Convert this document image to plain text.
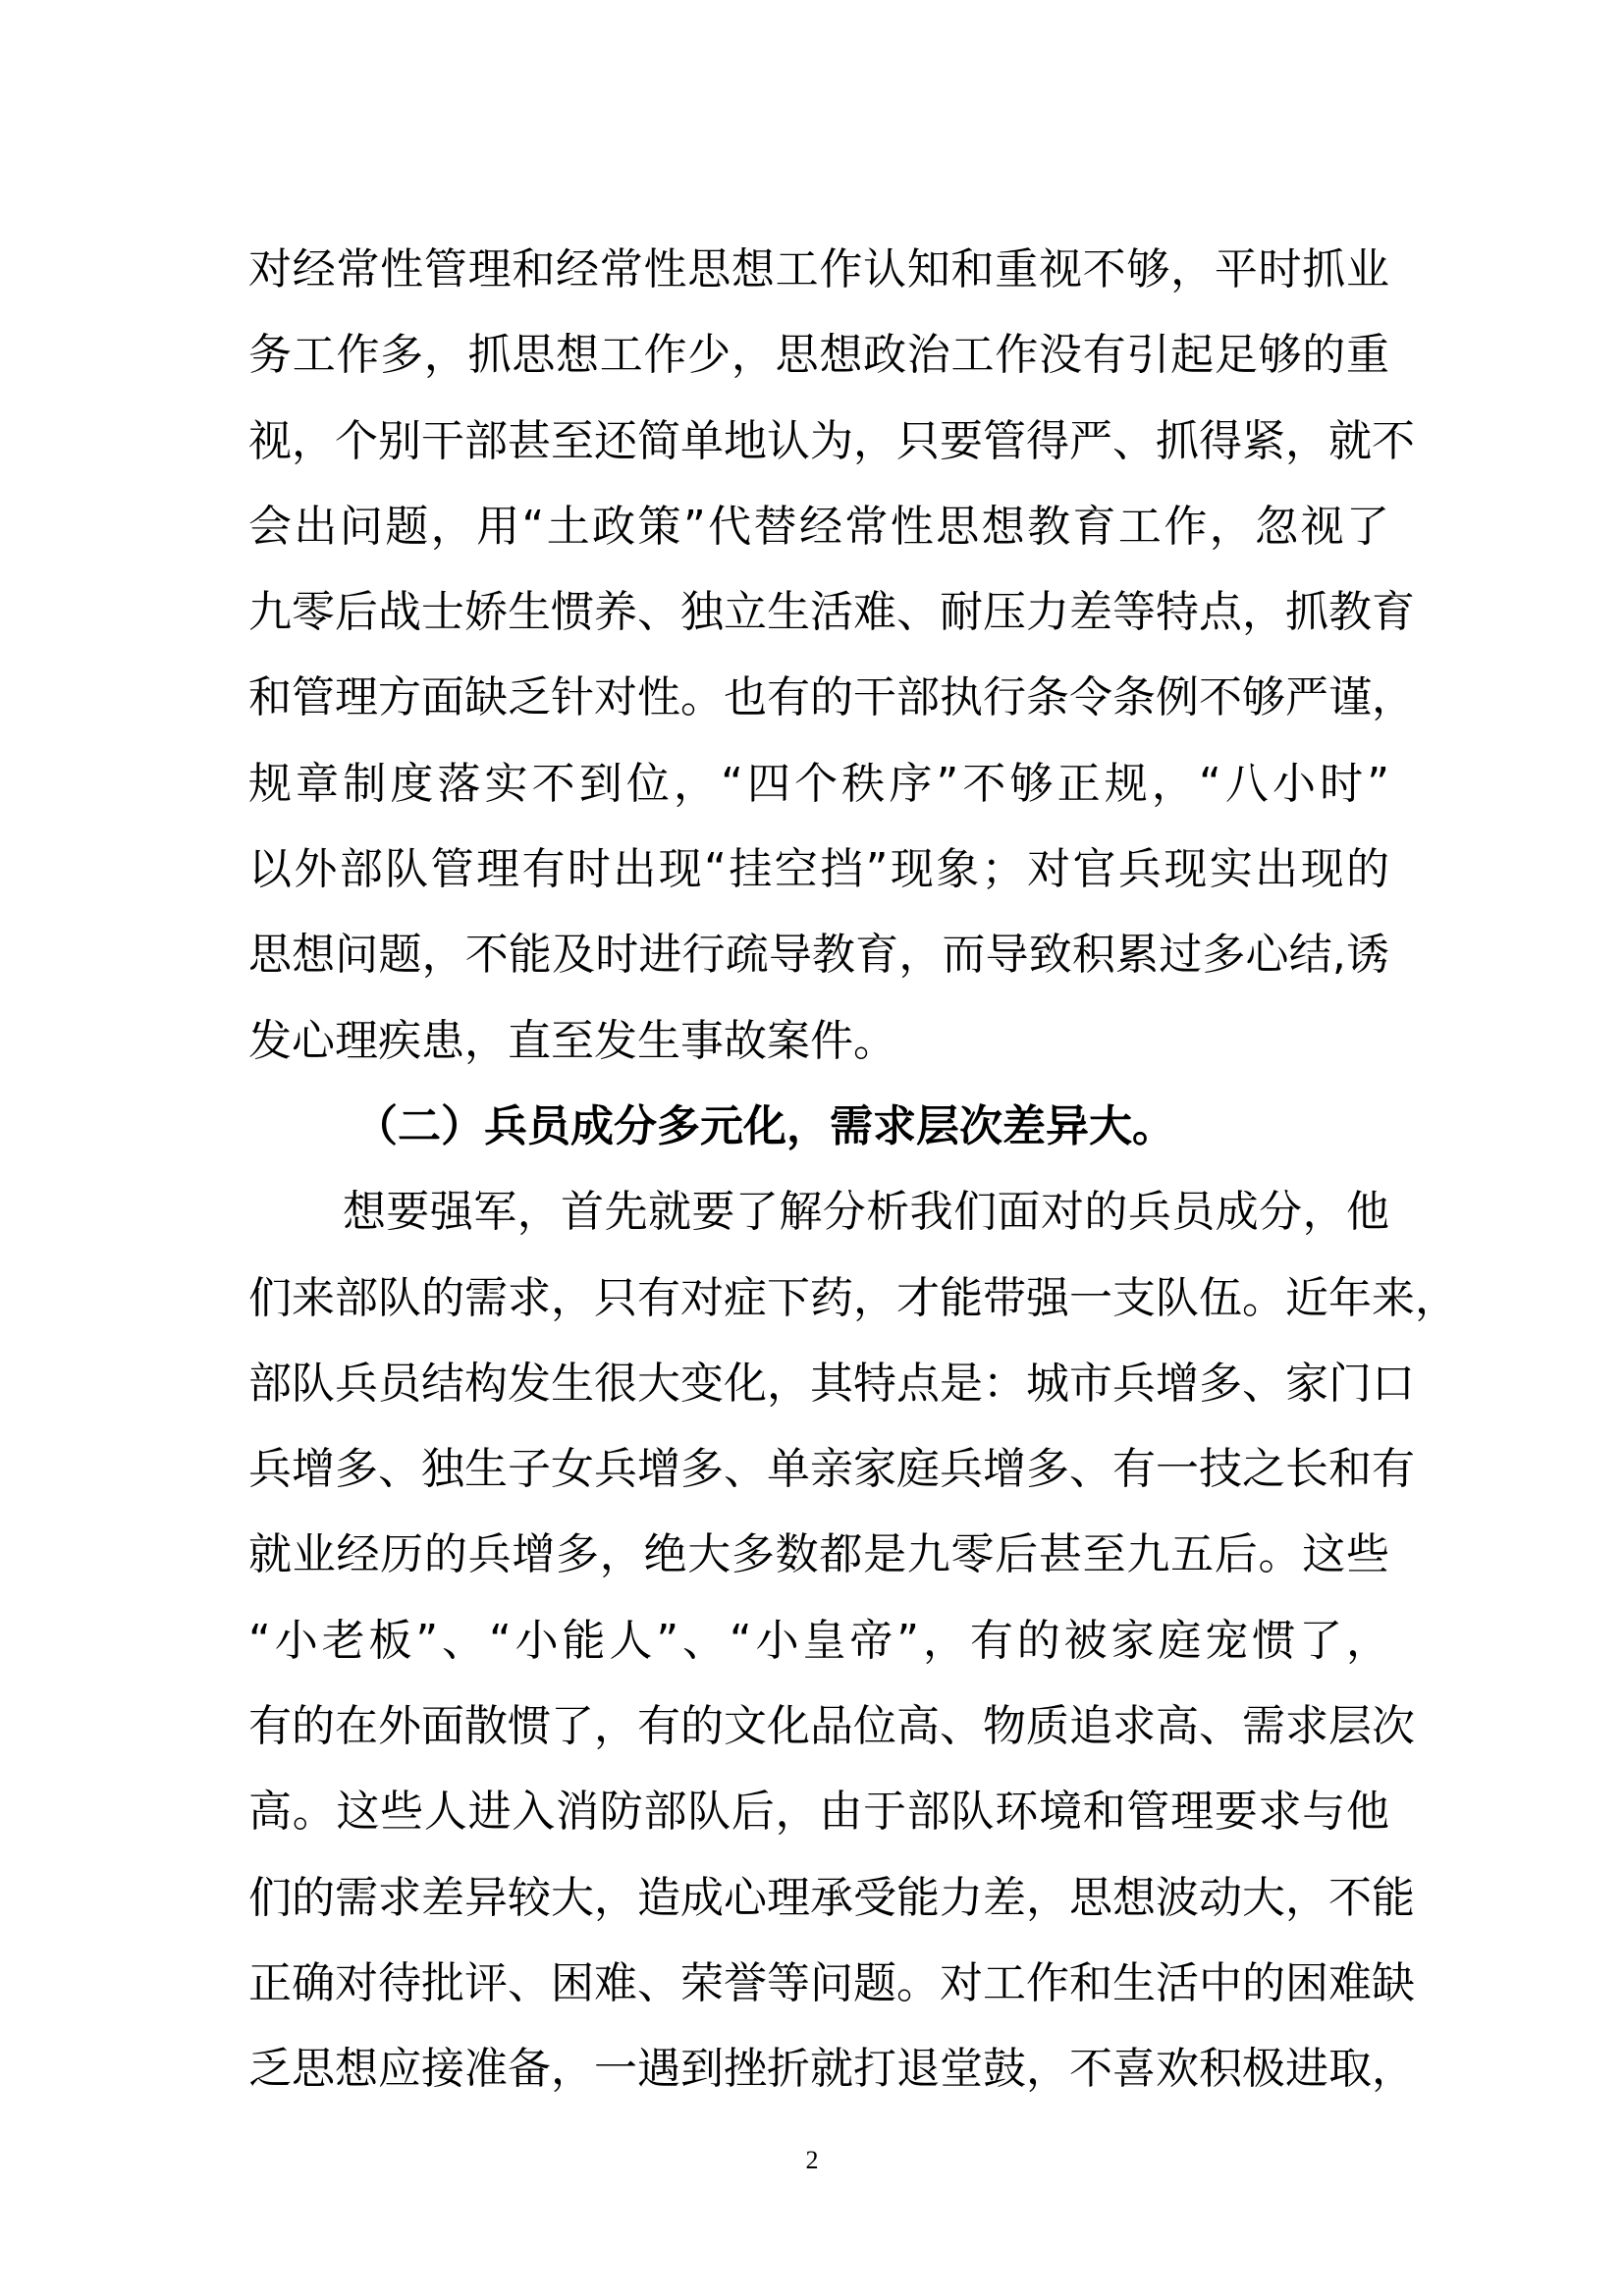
对经常性管理和经常性思想工作认知和重视不够，平时抓业
务工作多，抓思想工作少，思想政治工作没有引起足够的重
视，个别干部甚至还简单地认为，只要管得严、抓得紧，就不
会出问题，用“土政策”代替经常性思想教育工作，忽视了
九零后战士娇生惯养、独立生活难、耐压力差等特点，抓教育
和管理方面缺乏针对性。也有的干部执行条令条例不够严谨，
规章制度落实不到位，“四个秩序”不够正规，“八小时”
以外部队管理有时出现“挂空挡”现象；对官兵现实出现的
思想问题，不能及时进行疏导教育，而导致积累过多心结,诱
发心理疾患，直至发生事故案件。
（二）兵员成分多元化，需求层次差异大。
想要强军，首先就要了解分析我们面对的兵员成分，他
们来部队的需求，只有对症下药，才能带强一支队伍。近年来，
部队兵员结构发生很大变化，其特点是：城市兵增多、家门口
兵增多、独生子女兵增多、单亲家庭兵增多、有一技之长和有
就业经历的兵增多，绝大多数都是九零后甚至九五后。这些
“小老板”、“小能人”、“小皇帝”，有的被家庭宠惯了，
有的在外面散惯了，有的文化品位高、物质追求高、需求层次
高。这些人进入消防部队后，由于部队环境和管理要求与他
们的需求差异较大，造成心理承受能力差，思想波动大，不能
正确对待批评、困难、荣誉等问题。对工作和生活中的困难缺
乏思想应接准备，一遇到挫折就打退堂鼓，不喜欢积极进取，
2
